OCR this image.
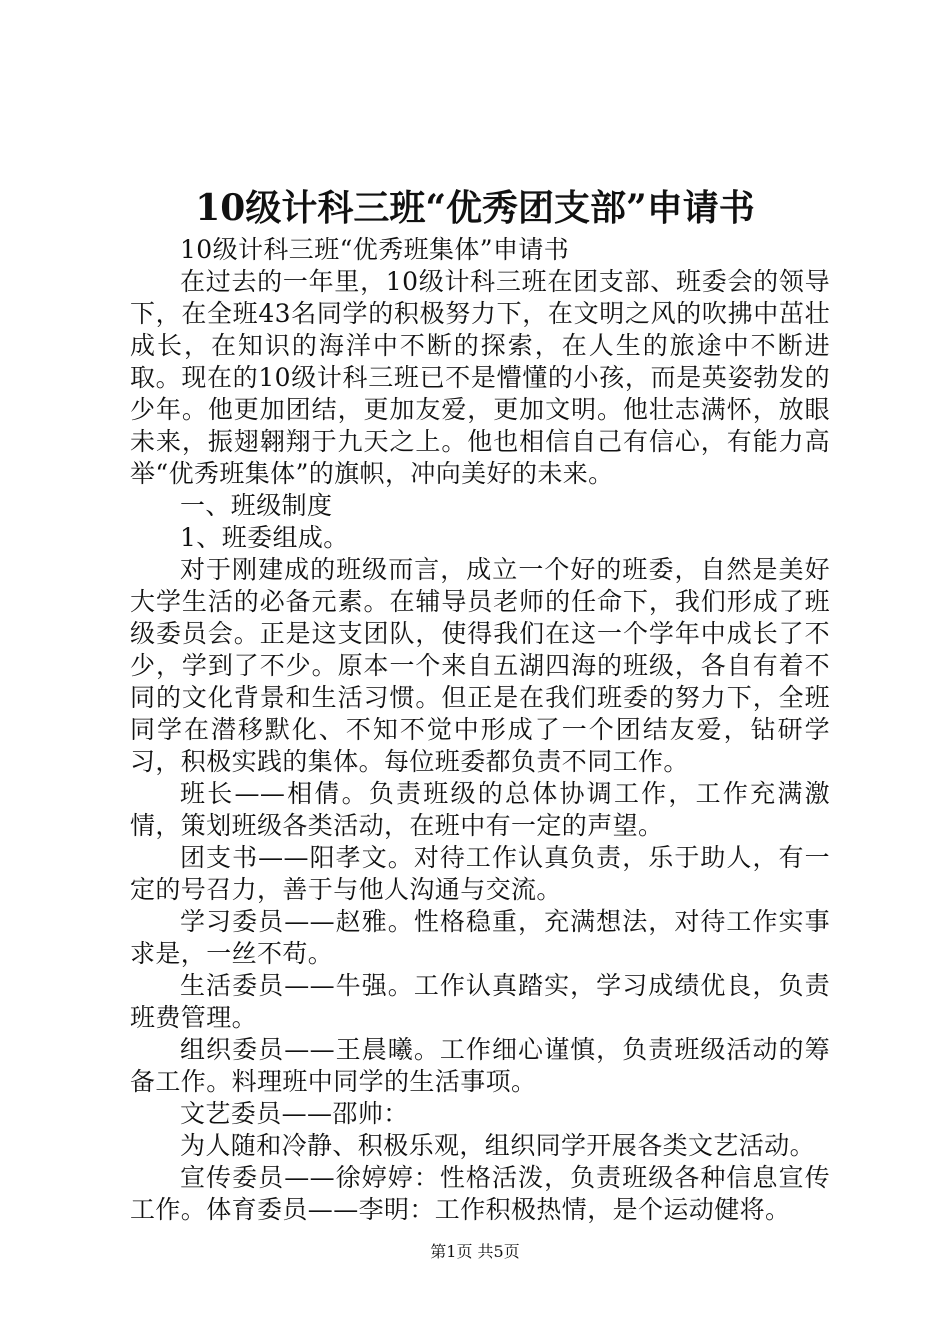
10级计科三班“优秀团支部”申请书

10级计科三班“优秀班集体”申请书

在过去的一年里，10级计科三班在团支部、班委会的领导下，在全班43名同学的积极努力下，在文明之风的吹拂中茁壮成长，在知识的海洋中不断的探索，在人生的旅途中不断进取。现在的10级计科三班已不是懵懂的小孩，而是英姿勃发的少年。他更加团结，更加友爱，更加文明。他壮志满怀，放眼未来，振翅翱翔于九天之上。他也相信自己有信心，有能力高举“优秀班集体”的旗帜，冲向美好的未来。

一、班级制度

1、班委组成。

对于刚建成的班级而言，成立一个好的班委，自然是美好大学生活的必备元素。在辅导员老师的任命下，我们形成了班级委员会。正是这支团队，使得我们在这一个学年中成长了不少，学到了不少。原本一个来自五湖四海的班级，各自有着不同的文化背景和生活习惯。但正是在我们班委的努力下，全班同学在潜移默化、不知不觉中形成了一个团结友爱，钻研学习，积极实践的集体。每位班委都负责不同工作。

班长——相倩。负责班级的总体协调工作，工作充满激情，策划班级各类活动，在班中有一定的声望。

团支书——阳孝文。对待工作认真负责，乐于助人，有一定的号召力，善于与他人沟通与交流。

学习委员——赵雅。性格稳重，充满想法，对待工作实事求是，一丝不苟。

生活委员——牛强。工作认真踏实，学习成绩优良，负责班费管理。

组织委员——王晨曦。工作细心谨慎，负责班级活动的筹备工作。料理班中同学的生活事项。

文艺委员——邵帅：

为人随和冷静、积极乐观，组织同学开展各类文艺活动。

宣传委员——徐婷婷：性格活泼，负责班级各种信息宣传工作。体育委员——李明：工作积极热情，是个运动健将。

第1页 共5页
